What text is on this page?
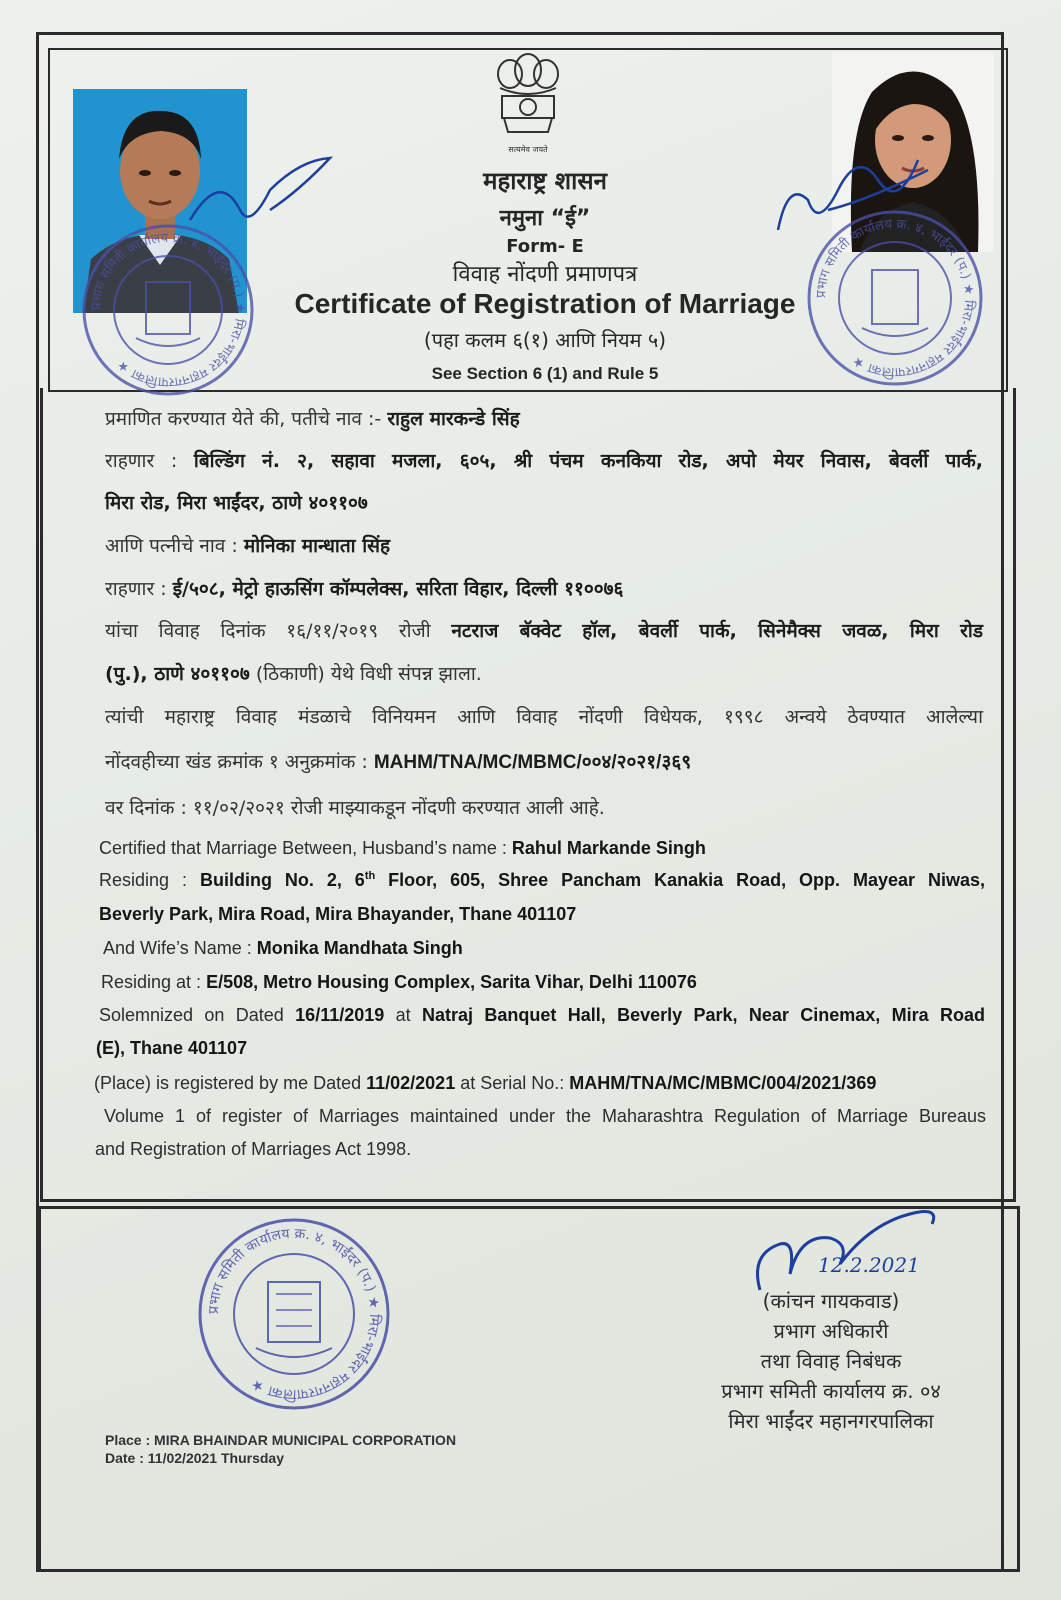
सत्यमेव जयते
महाराष्ट्र शासन
नमुना “ई”
Form- E
विवाह नोंदणी प्रमाणपत्र
Certificate of Registration of Marriage
(पहा कलम ६(१) आणि नियम ५)
See Section 6 (1) and Rule 5
प्रभाग समिती कार्यालय क्र. ४, भाईंदर (प.) ★ मिरा-भाईंदर महानगरपालिका ★
प्रभाग समिती कार्यालय क्र. ४, भाईंदर (प.) ★ मिरा-भाईंदर महानगरपालिका ★
प्रभाग समिती कार्यालय क्र. ४, भाईंदर (प.) ★ मिरा-भाईंदर महानगरपालिका ★
प्रमाणित करण्यात येते की, पतीचे नाव :- राहुल मारकन्डे सिंह
राहणार : बिल्डिंग नं. २, सहावा मजला, ६०५, श्री पंचम कनकिया रोड, अपो मेयर निवास, बेवर्ली पार्क,
मिरा रोड, मिरा भाईंदर, ठाणे ४०११०७
आणि पत्नीचे नाव : मोनिका मान्धाता सिंह
राहणार : ई/५०८, मेट्रो हाऊसिंग कॉम्पलेक्स, सरिता विहार, दिल्ली ११००७६
यांचा विवाह दिनांक १६/११/२०१९ रोजी नटराज बॅक्वेट हॉल, बेवर्ली पार्क, सिनेमैक्स जवळ, मिरा रोड
(पु.), ठाणे ४०११०७ (ठिकाणी) येथे विधी संपन्न झाला.
त्यांची महाराष्ट्र विवाह मंडळाचे विनियमन आणि विवाह नोंदणी विधेयक, १९९८ अन्वये ठेवण्यात आलेल्या
नोंदवहीच्या खंड क्रमांक १ अनुक्रमांक : MAHM/TNA/MC/MBMC/००४/२०२१/३६९
वर दिनांक : ११/०२/२०२१ रोजी माझ्याकडून नोंदणी करण्यात आली आहे.
Certified that Marriage Between, Husband’s name : Rahul Markande Singh
Residing : Building No. 2, 6th Floor, 605, Shree Pancham Kanakia Road, Opp. Mayear Niwas,
Beverly Park, Mira Road, Mira Bhayander, Thane 401107
And Wife’s Name : Monika Mandhata Singh
Residing at : E/508, Metro Housing Complex, Sarita Vihar, Delhi 110076
Solemnized on Dated 16/11/2019 at Natraj Banquet Hall, Beverly Park, Near Cinemax, Mira Road
(E), Thane 401107
(Place) is registered by me Dated 11/02/2021 at Serial No.: MAHM/TNA/MC/MBMC/004/2021/369
Volume 1 of register of Marriages maintained under the Maharashtra Regulation of Marriage Bureaus
and Registration of Marriages Act 1998.
12.2.2021
(कांचन गायकवाड)
प्रभाग अधिकारी
तथा विवाह निबंधक
प्रभाग समिती कार्यालय क्र. ०४
मिरा भाईंदर महानगरपालिका
Place : MIRA BHAINDAR MUNICIPAL CORPORATION
Date : 11/02/2021 Thursday
